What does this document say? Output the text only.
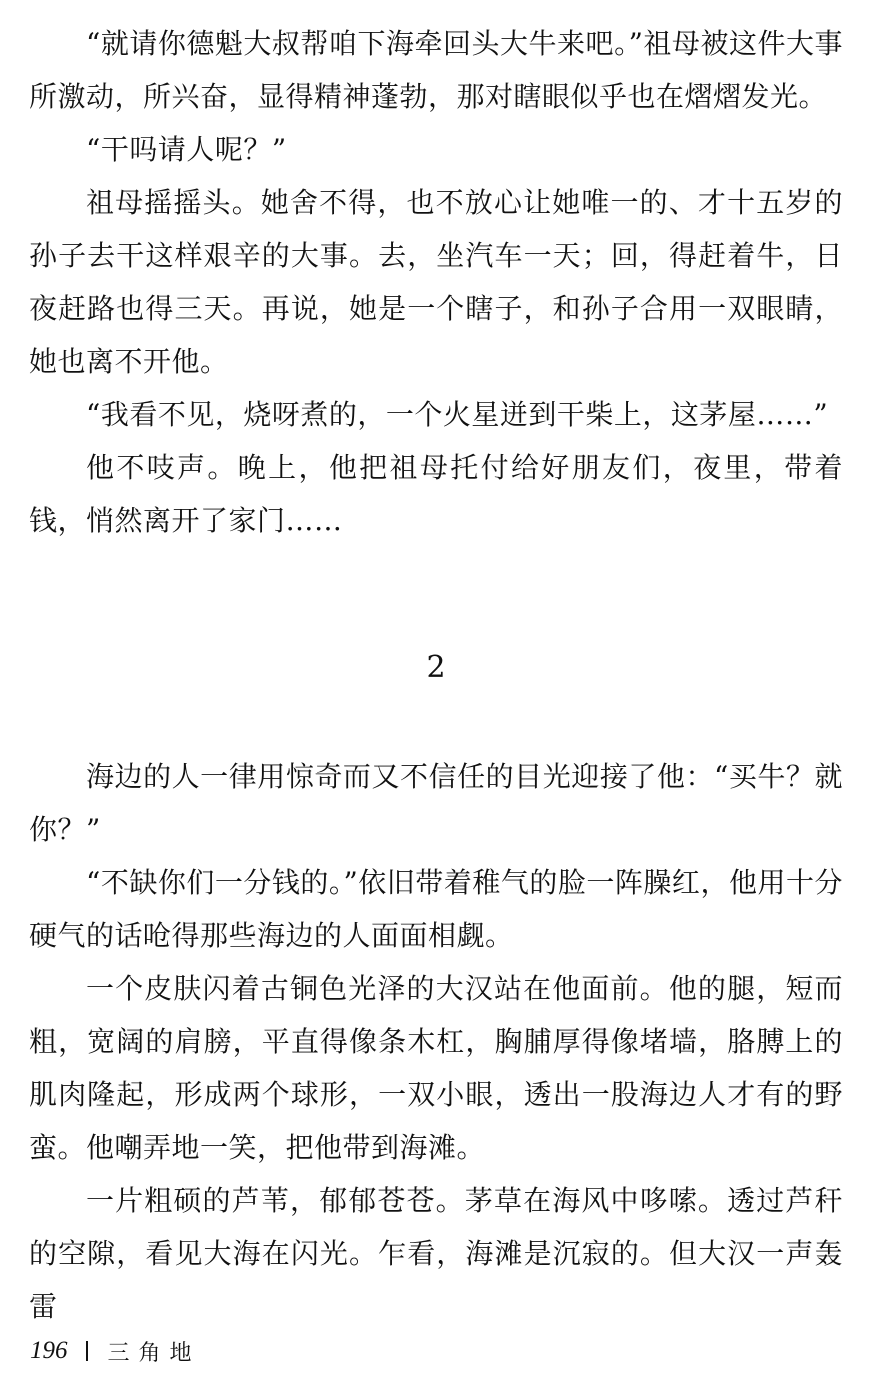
“就请你德魁大叔帮咱下海牵回头大牛来吧。”祖母被这件大事所激动，所兴奋，显得精神蓬勃，那对瞎眼似乎也在熠熠发光。

“干吗请人呢？”

祖母摇摇头。她舍不得，也不放心让她唯一的、才十五岁的孙子去干这样艰辛的大事。去，坐汽车一天；回，得赶着牛，日夜赶路也得三天。再说，她是一个瞎子，和孙子合用一双眼睛，她也离不开他。

“我看不见，烧呀煮的，一个火星迸到干柴上，这茅屋……”

他不吱声。晚上，他把祖母托付给好朋友们，夜里，带着钱，悄然离开了家门……

2

海边的人一律用惊奇而又不信任的目光迎接了他：“买牛？就你？”

“不缺你们一分钱的。”依旧带着稚气的脸一阵臊红，他用十分硬气的话呛得那些海边的人面面相觑。

一个皮肤闪着古铜色光泽的大汉站在他面前。他的腿，短而粗，宽阔的肩膀，平直得像条木杠，胸脯厚得像堵墙，胳膊上的肌肉隆起，形成两个球形，一双小眼，透出一股海边人才有的野蛮。他嘲弄地一笑，把他带到海滩。

一片粗硕的芦苇，郁郁苍苍。茅草在海风中哆嗦。透过芦秆的空隙，看见大海在闪光。乍看，海滩是沉寂的。但大汉一声轰雷

196 三角地
